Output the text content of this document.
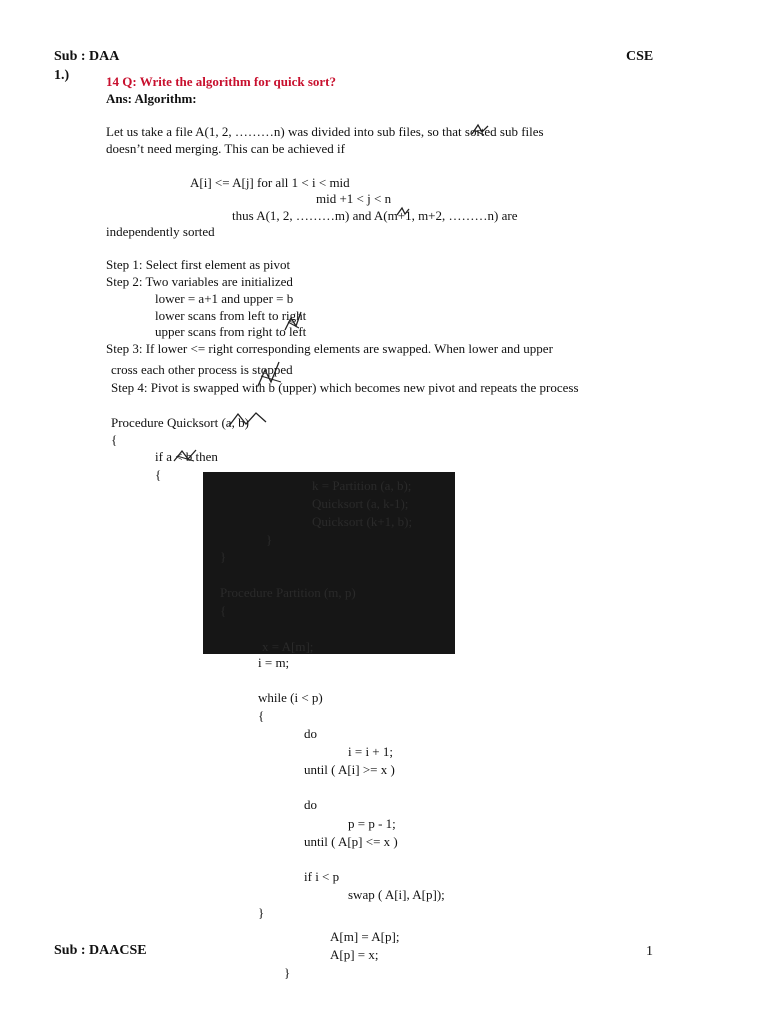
Sub : DAA	CSE
1.)	14 Q: Write the algorithm for quick sort?
Ans: Algorithm:
Let us take a file A(1, 2, ………n) was divided into sub files, so that sorted sub files
doesn’t need merging. This can be achieved if
A[i] <= A[j] for all 1 < i < mid
mid +1 < j < n
thus A(1, 2, ………m) and A(m+1, m+2, ………n) are
independently sorted
Step 1: Select first element as pivot
Step 2: Two variables are initialized
lower = a+1 and upper = b
lower scans from left to right
upper scans from right to left
Step 3: If lower <= right corresponding elements are swapped. When lower and upper
cross each other process is stopped
Step 4: Pivot is swapped with b (upper) which becomes new pivot and repeats the process
Procedure Quicksort (a, b)
{
if a < b then
{
k = Partition (a, b);
Quicksort (a, k-1);
Quicksort (k+1, b);
}
}
Procedure Partition (m, p)
{
x = A[m];
i = m;
while (i < p)
{
do
i = i + 1;
until ( A[i] >= x )
do
p = p - 1;
until ( A[p] <= x )
if i < p
swap ( A[i], A[p]);
}
A[m] = A[p];
A[p] = x;
}
Sub : DAACSE	1
